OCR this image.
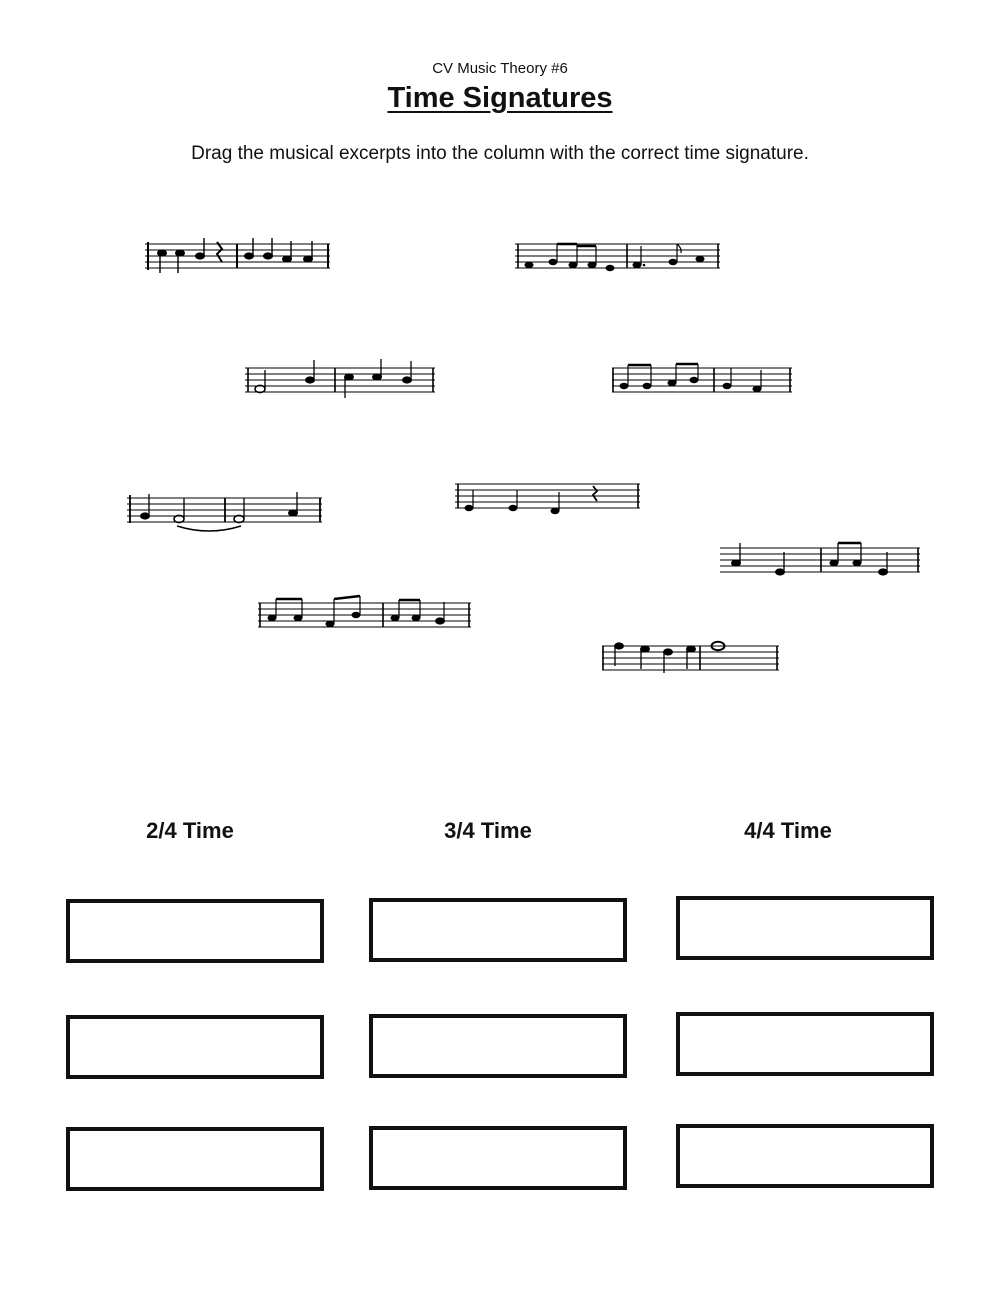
CV Music Theory #6
Time Signatures
Drag the musical excerpts into the column with the correct time signature.
2/4 Time	3/4 Time	4/4 Time
